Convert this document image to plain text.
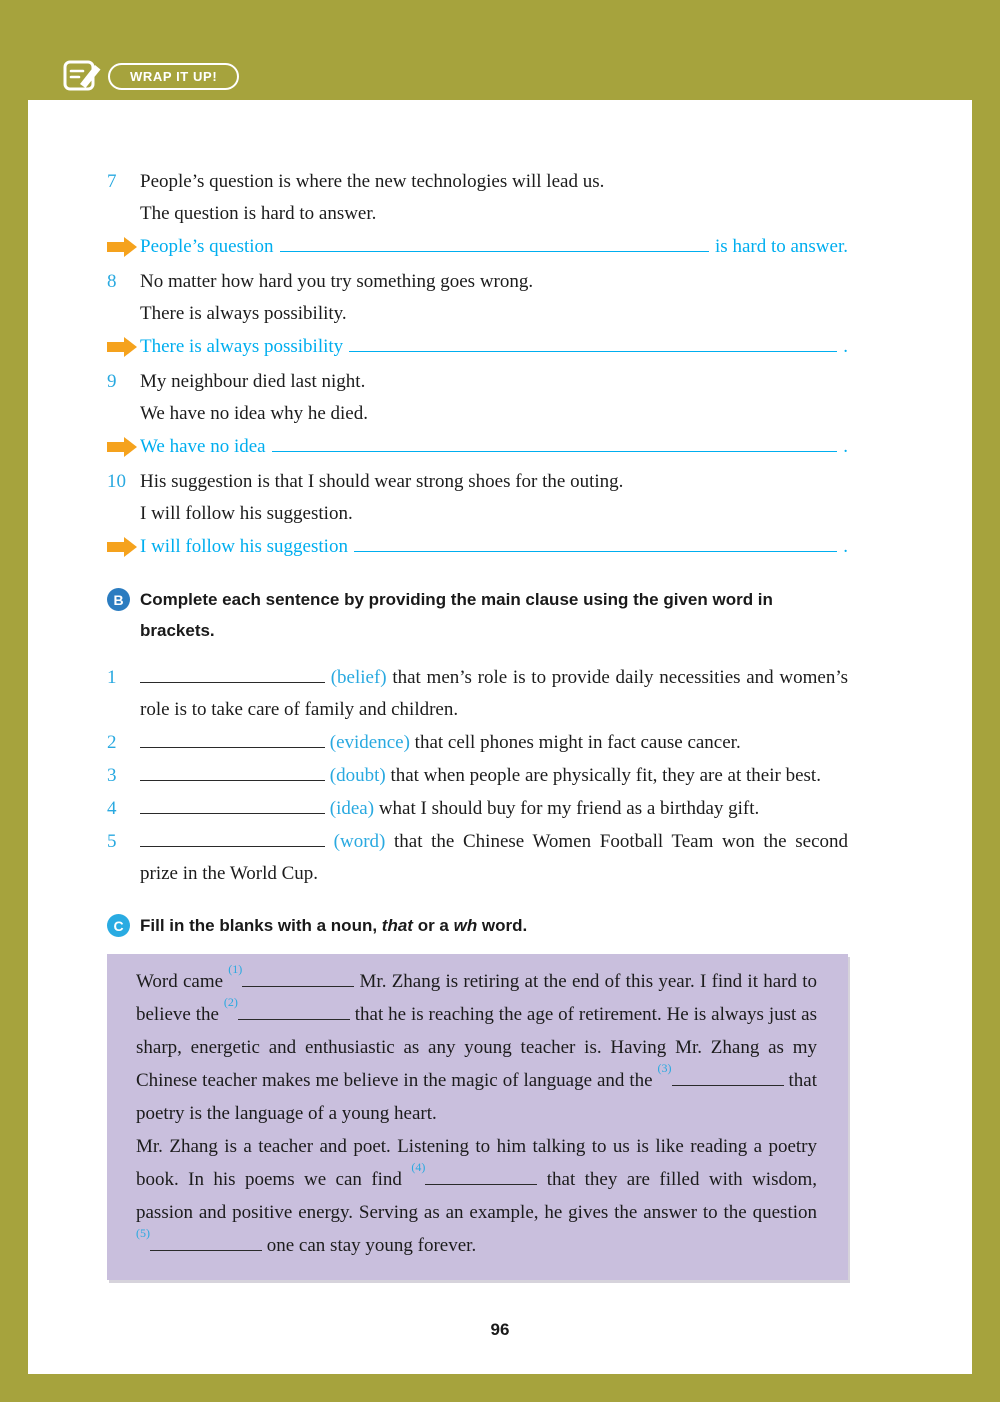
WRAP IT UP!
7 People’s question is where the new technologies will lead us.
The question is hard to answer.
People’s question	is hard to answer.
8 No matter how hard you try something goes wrong.
There is always possibility.
There is always possibility	.
9 My neighbour died last night.
We have no idea why he died.
We have no idea	.
10 His suggestion is that I should wear strong shoes for the outing.
I will follow his suggestion.
I will follow his suggestion	.
B Complete each sentence by providing the main clause using the given word in brackets.
1	(belief) that men’s role is to provide daily necessities and women’s role is to take care of family and children.
2	(evidence) that cell phones might in fact cause cancer.
3	(doubt) that when people are physically fit, they are at their best.
4	(idea) what I should buy for my friend as a birthday gift.
5	(word) that the Chinese Women Football Team won the second prize in the World Cup.
C Fill in the blanks with a noun, that or a wh word.

Word came $^{(1)}$ Mr. Zhang is retiring at the end of this year. I find it hard to believe the $^{(2)}$ that he is reaching the age of retirement. He is always just as sharp, energetic and enthusiastic as any young teacher is. Having Mr. Zhang as my Chinese teacher makes me believe in the magic of language and the $^{(3)}$ that poetry is the language of a young heart.

Mr. Zhang is a teacher and poet. Listening to him talking to us is like reading a poetry book. In his poems we can find $^{(4)}$ that they are filled with wisdom, passion and positive energy. Serving as an example, he gives the answer to the question $^{(5)}$ one can stay young forever.

96
